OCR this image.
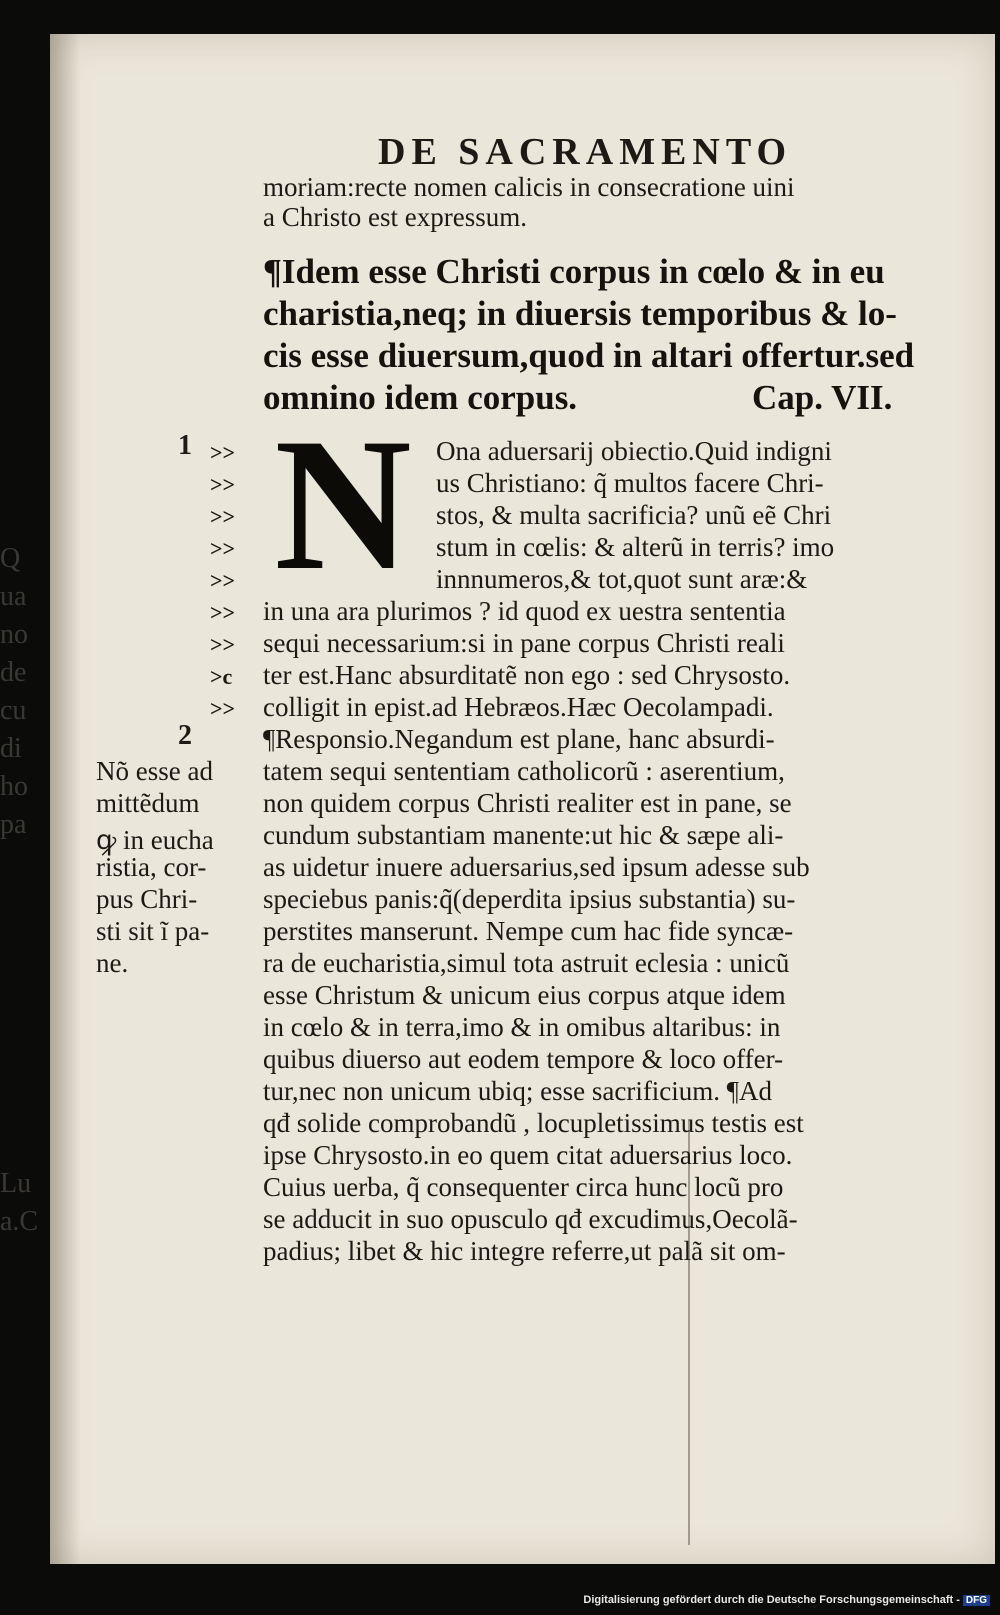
Q
ua
no
de
cu
di
ho
pa
Lu
a.C
DE SACRAMENTO
moriam:recte nomen calicis in consecratione uini
a Christo est expressum.
¶Idem esse Christi corpus in cœlo & in eu
charistia,neq; in diuersis temporibus & lo-
cis esse diuersum,quod in altari offertur.sed
omnino idem corpus.	Cap. VII.
N Ona aduersarij obiectio.Quid indigni
us Christiano: q̃ multos facere Chri-
stos, & multa sacrificia? unũ eẽ Chri
stum in cœlis: & alterũ in terris? imo
innnumeros,& tot,quot sunt aræ:&
in una ara plurimos ? id quod ex uestra sententia
sequi necessarium:si in pane corpus Christi reali
ter est.Hanc absurditatẽ non ego : sed Chrysosto.
colligit in epist.ad Hebræos.Hæc Oecolampadi.
¶Responsio.Negandum est plane, hanc absurdi-
tatem sequi sententiam catholicorũ : aserentium,
non quidem corpus Christi realiter est in pane, se
cundum substantiam manente:ut hic & sæpe ali-
as uidetur inuere aduersarius,sed ipsum adesse sub
speciebus panis:q̃(deperdita ipsius substantia) su-
perstites manserunt. Nempe cum hac fide syncæ-
ra de eucharistia,simul tota astruit eclesia : unicũ
esse Christum & unicum eius corpus atque idem
in cœlo & in terra,imo & in omibus altaribus: in
quibus diuerso aut eodem tempore & loco offer-
tur,nec non unicum ubiq; esse sacrificium. ¶Ad
qđ solide comprobandũ , locupletissimus testis est
ipse Chrysosto.in eo quem citat aduersarius loco.
Cuius uerba, q̃ consequenter circa hunc locũ pro
se adducit in suo opusculo qđ excudimus,Oecolã-
padius; libet & hic integre referre,ut palã sit om-
>>
>>
>>
>>
>>
>>
>>
>c
>>
1
2
Nõ esse ad
mittẽdum
ꝙ in eucha
ristia, cor-
pus Chri-
sti sit ĩ pa-
ne.
Digitalisierung gefördert durch die Deutsche Forschungsgemeinschaft - DFG
